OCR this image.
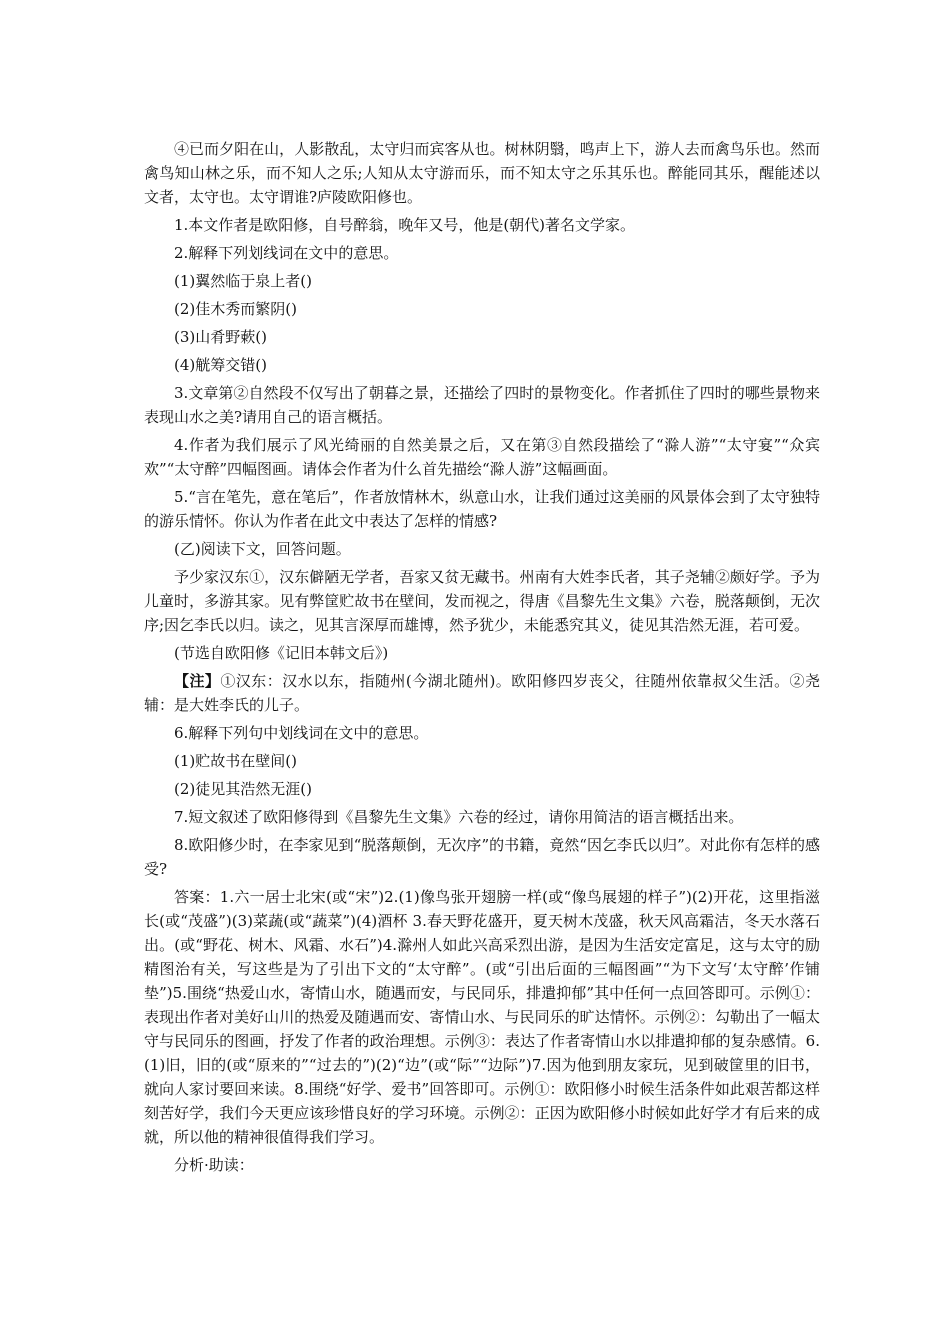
④已而夕阳在山，人影散乱，太守归而宾客从也。树林阴翳，鸣声上下，游人去而禽鸟乐也。然而禽鸟知山林之乐，而不知人之乐;人知从太守游而乐，而不知太守之乐其乐也。醉能同其乐，醒能述以文者，太守也。太守谓谁?庐陵欧阳修也。

1.本文作者是欧阳修，自号醉翁，晚年又号，他是(朝代)著名文学家。

2.解释下列划线词在文中的意思。

(1)翼然临于泉上者()

(2)佳木秀而繁阴()

(3)山肴野蔌()

(4)觥筹交错()

3.文章第②自然段不仅写出了朝暮之景，还描绘了四时的景物变化。作者抓住了四时的哪些景物来表现山水之美?请用自己的语言概括。

4.作者为我们展示了风光绮丽的自然美景之后，又在第③自然段描绘了“滁人游”“太守宴”“众宾欢”“太守醉”四幅图画。请体会作者为什么首先描绘“滁人游”这幅画面。

5.“言在笔先，意在笔后”，作者放情林木，纵意山水，让我们通过这美丽的风景体会到了太守独特的游乐情怀。你认为作者在此文中表达了怎样的情感?

(乙)阅读下文，回答问题。

予少家汉东①，汉东僻陋无学者，吾家又贫无藏书。州南有大姓李氏者，其子尧辅②颇好学。予为儿童时，多游其家。见有弊筐贮故书在壁间，发而视之，得唐《昌黎先生文集》六卷，脱落颠倒，无次序;因乞李氏以归。读之，见其言深厚而雄博，然予犹少，未能悉究其义，徒见其浩然无涯，若可爱。

(节选自欧阳修《记旧本韩文后》)

【注】①汉东：汉水以东，指随州(今湖北随州)。欧阳修四岁丧父，往随州依靠叔父生活。②尧辅：是大姓李氏的儿子。

6.解释下列句中划线词在文中的意思。

(1)贮故书在壁间()

(2)徒见其浩然无涯()

7.短文叙述了欧阳修得到《昌黎先生文集》六卷的经过，请你用简洁的语言概括出来。

8.欧阳修少时，在李家见到“脱落颠倒，无次序”的书籍，竟然“因乞李氏以归”。对此你有怎样的感受?

答案：1.六一居士北宋(或“宋”)2.(1)像鸟张开翅膀一样(或“像鸟展翅的样子”)(2)开花，这里指滋长(或“茂盛”)(3)菜蔬(或“蔬菜”)(4)酒杯 3.春天野花盛开，夏天树木茂盛，秋天风高霜洁，冬天水落石出。(或“野花、树木、风霜、水石”)4.滁州人如此兴高采烈出游，是因为生活安定富足，这与太守的励精图治有关，写这些是为了引出下文的“太守醉”。(或“引出后面的三幅图画”“为下文写‘太守醉’作铺垫”)5.围绕“热爱山水，寄情山水，随遇而安，与民同乐，排遣抑郁”其中任何一点回答即可。示例①：表现出作者对美好山川的热爱及随遇而安、寄情山水、与民同乐的旷达情怀。示例②：勾勒出了一幅太守与民同乐的图画，抒发了作者的政治理想。示例③：表达了作者寄情山水以排遣抑郁的复杂感情。6.(1)旧，旧的(或“原来的”“过去的”)(2)“边”(或“际”“边际”)7.因为他到朋友家玩，见到破筐里的旧书，就向人家讨要回来读。8.围绕“好学、爱书”回答即可。示例①：欧阳修小时候生活条件如此艰苦都这样刻苦好学，我们今天更应该珍惜良好的学习环境。示例②：正因为欧阳修小时候如此好学才有后来的成就，所以他的精神很值得我们学习。

分析·助读：
